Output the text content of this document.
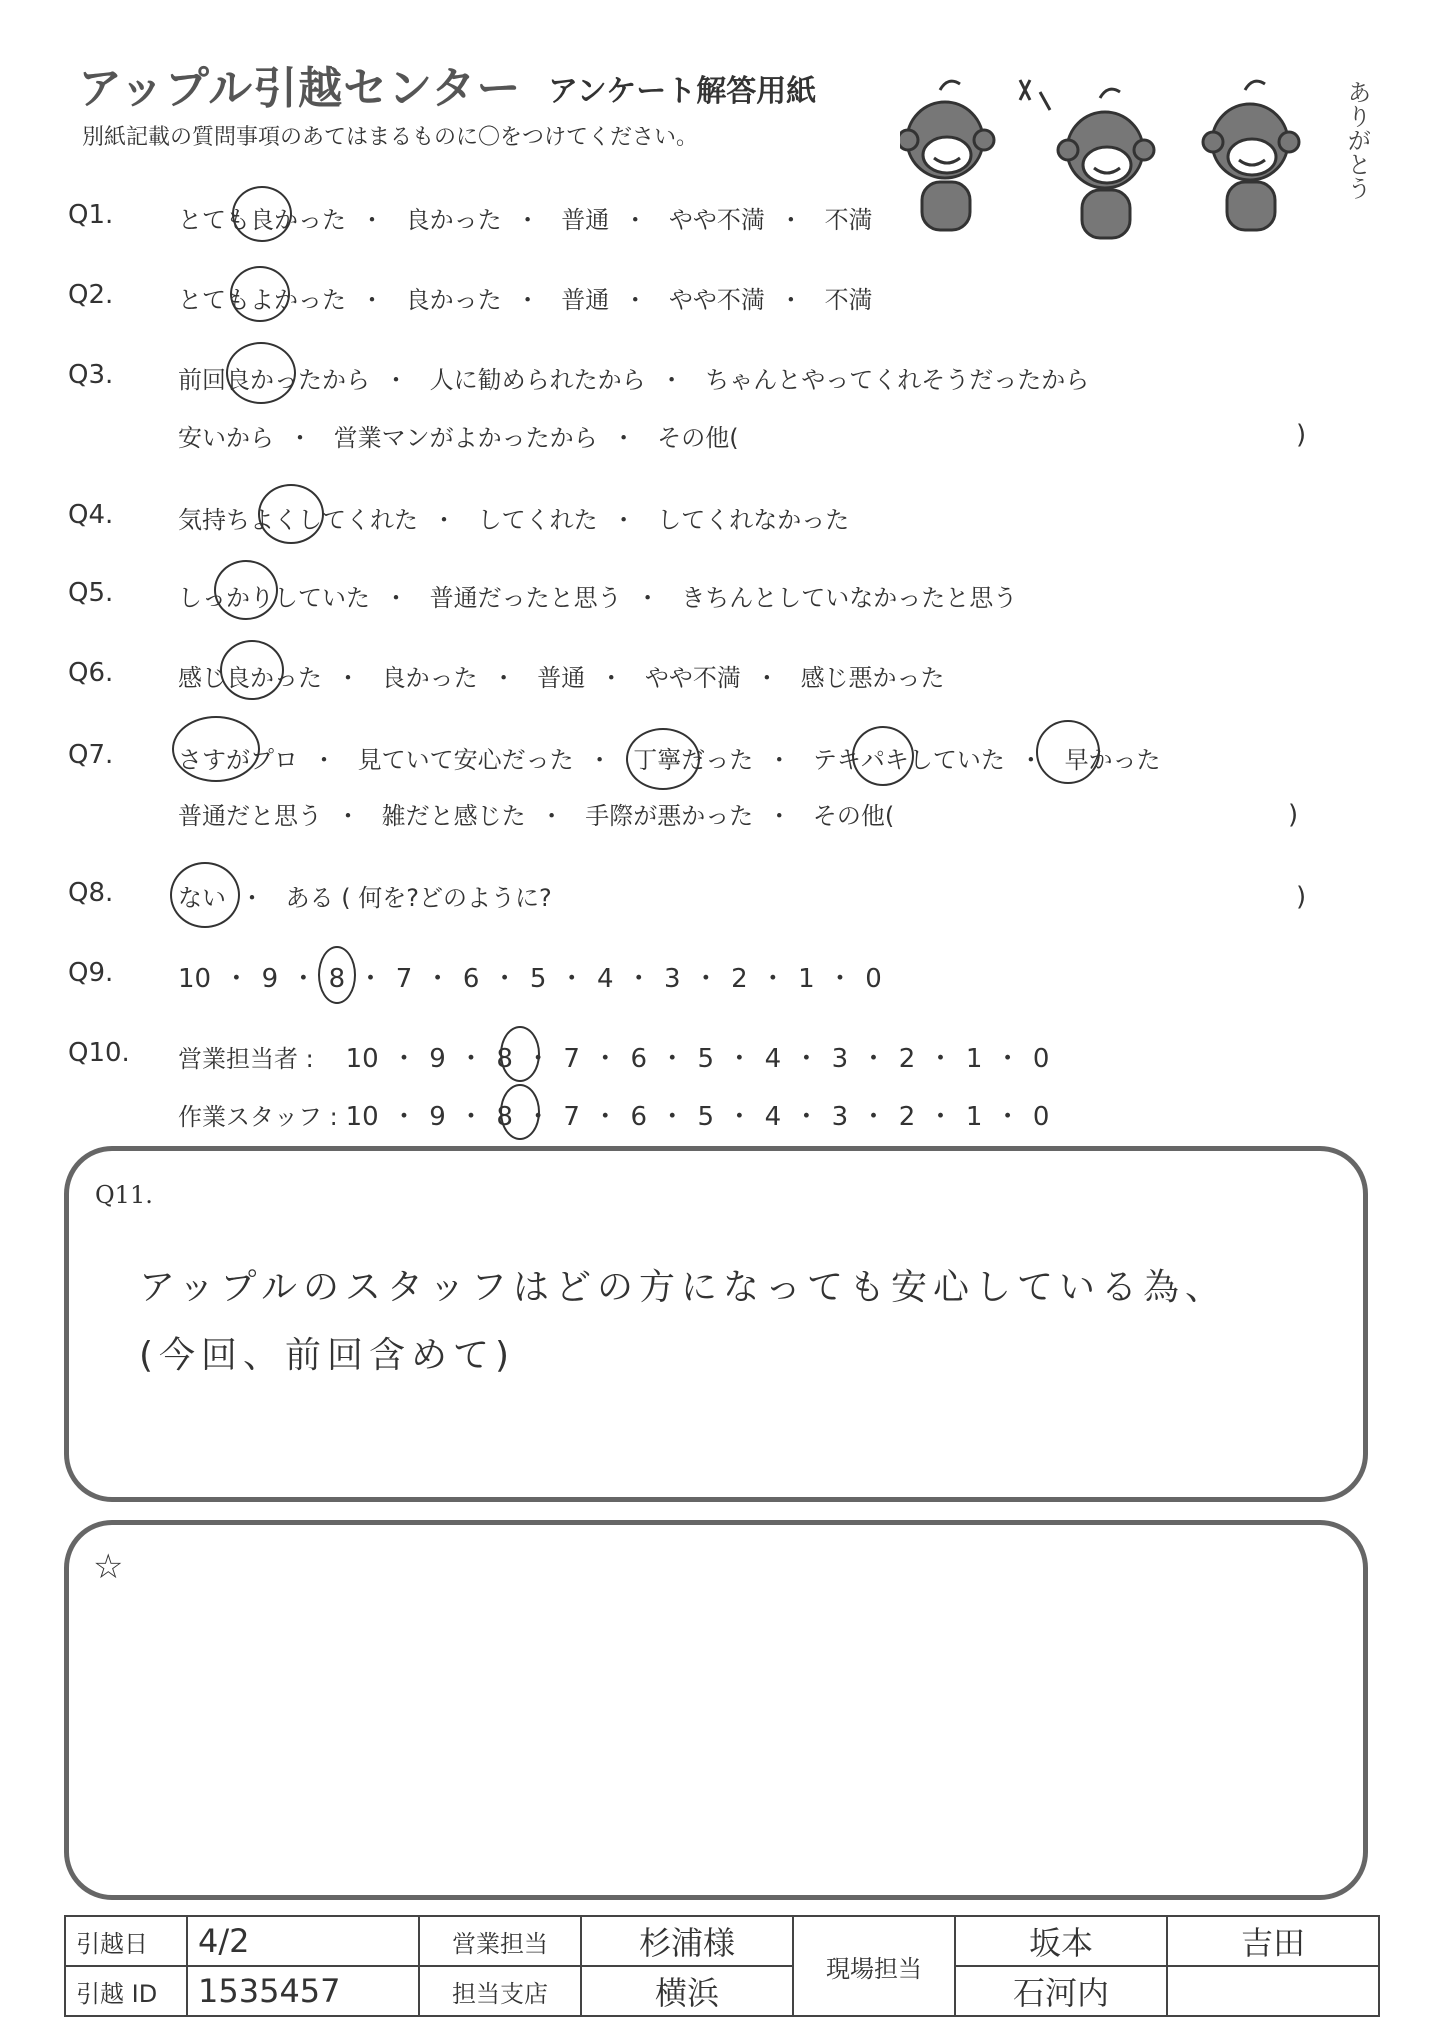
アップル引越センター アンケート解答用紙
別紙記載の質問事項のあてはまるものに〇をつけてください。	ありがとう
Q1.	とても良かった ・ 良かった ・ 普通 ・ やや不満 ・ 不満
Q2.	とてもよかった ・ 良かった ・ 普通 ・ やや不満 ・ 不満
Q3.	前回良かったから ・ 人に勧められたから ・ ちゃんとやってくれそうだったから
安いから ・ 営業マンがよかったから ・ その他(	)
Q4.	気持ちよくしてくれた ・ してくれた ・ してくれなかった
Q5.	しっかりしていた ・ 普通だったと思う ・ きちんとしていなかったと思う
Q6.	感じ良かった ・ 良かった ・ 普通 ・ やや不満 ・ 感じ悪かった
Q7.	さすがプロ ・ 見ていて安心だった ・ 丁寧だった ・ テキパキしていた ・ 早かった
普通だと思う ・ 雑だと感じた ・ 手際が悪かった ・ その他(	)
Q8.	ない ・ ある ( 何を?どのように?	)
Q9. 10 ・ 9 ・ 8 ・ 7 ・ 6 ・ 5 ・ 4 ・ 3 ・ 2 ・ 1 ・ 0
Q10. 営業担当者 : 10 ・ 9 ・ 8 ・ 7 ・ 6 ・ 5 ・ 4 ・ 3 ・ 2 ・ 1 ・ 0
作業スタッフ : 10 ・ 9 ・ 8 ・ 7 ・ 6 ・ 5 ・ 4 ・ 3 ・ 2 ・ 1 ・ 0
Q11.
アップルのスタッフはどの方になっても安心している為、
(今回、前回含めて)
☆
引越日	4/2	営業担当	杉浦様	現場担当	坂本	吉田
引越 ID	1535457	担当支店	横浜		石河内	
